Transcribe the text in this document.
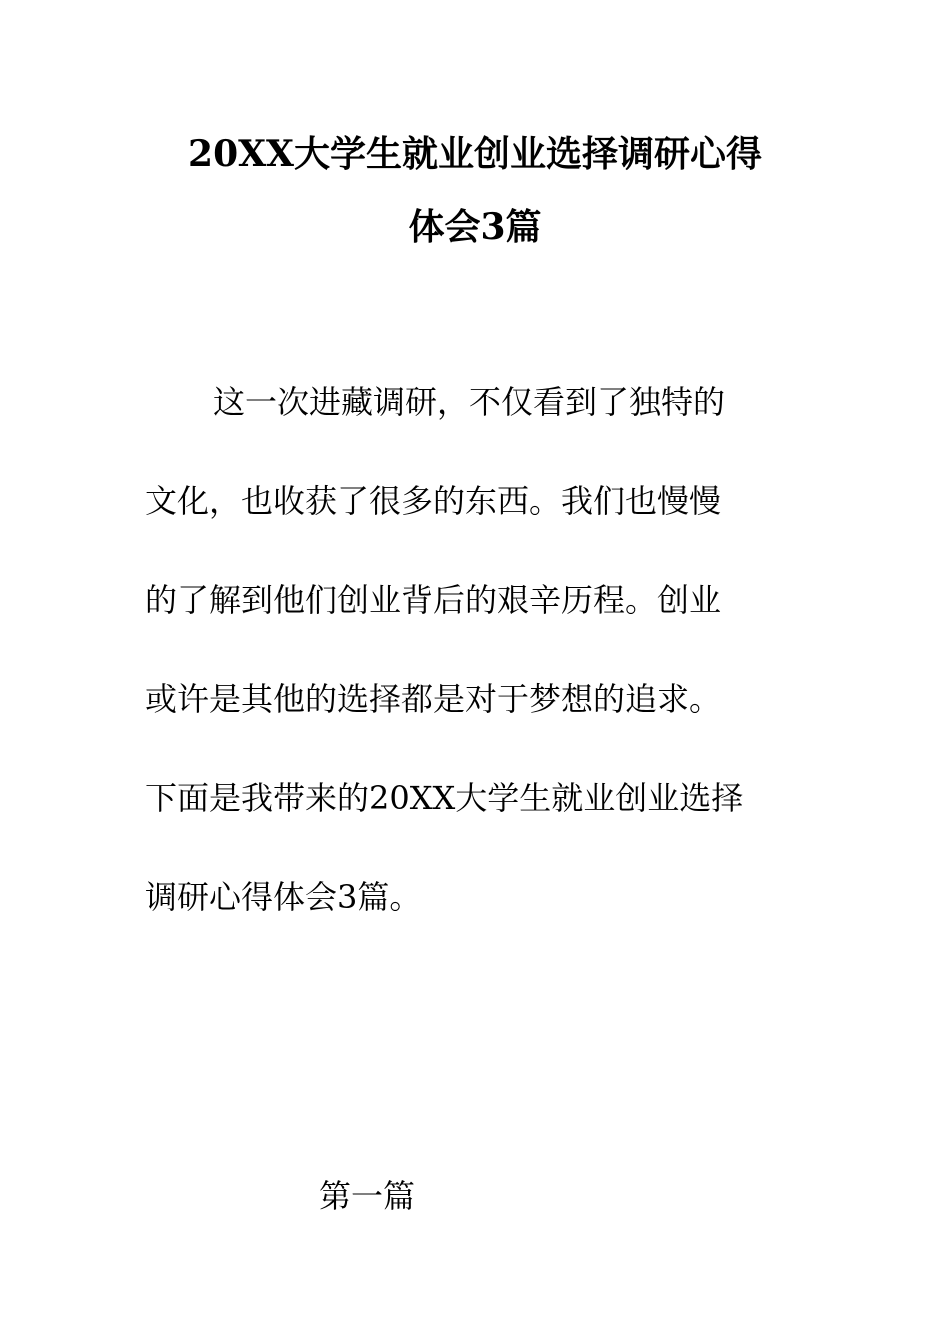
20XX大学生就业创业选择调研心得
体会3篇
这一次进藏调研，不仅看到了独特的
文化，也收获了很多的东西。我们也慢慢
的了解到他们创业背后的艰辛历程。创业
或许是其他的选择都是对于梦想的追求。
下面是我带来的20XX大学生就业创业选择
调研心得体会3篇。
第一篇
